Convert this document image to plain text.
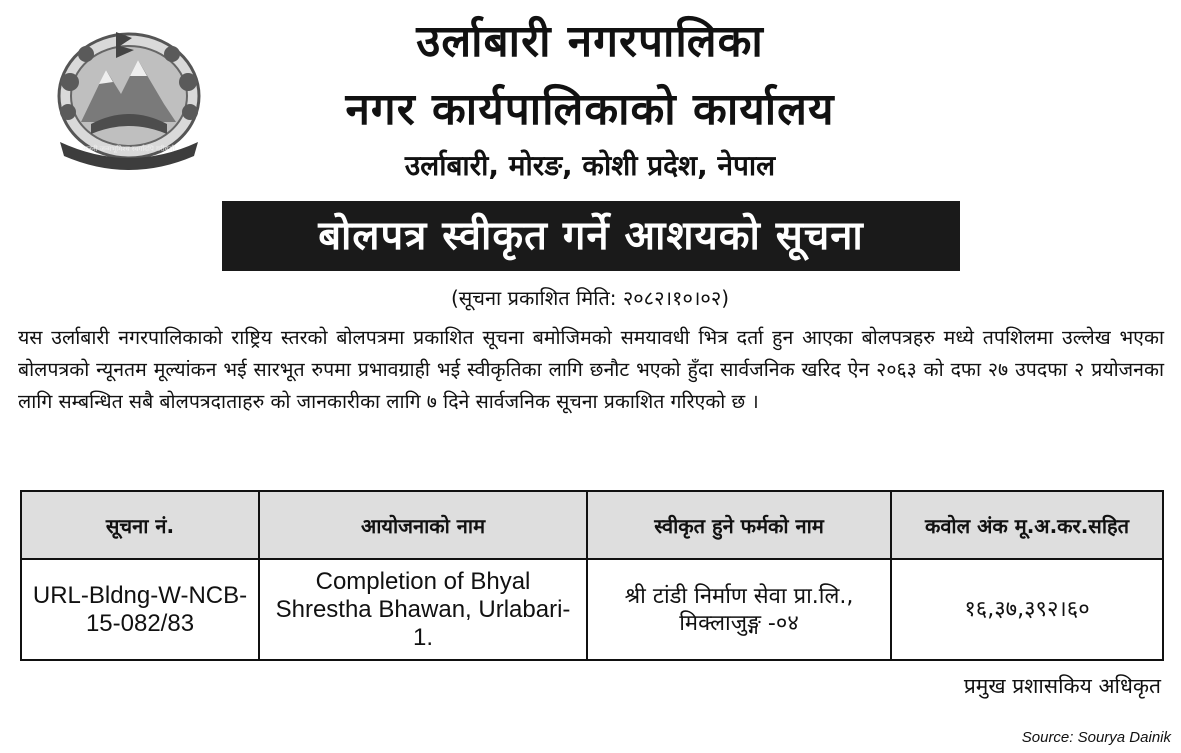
जननी जन्मभूमिश्च स्वर्गादपि गरीयसी
उर्लाबारी नगरपालिका
नगर कार्यपालिकाको कार्यालय
उर्लाबारी, मोरङ, कोशी प्रदेश, नेपाल
बोलपत्र स्वीकृत गर्ने आशयको सूचना
(सूचना प्रकाशित मिति: २०८२।१०।०२)
यस उर्लाबारी नगरपालिकाको राष्ट्रिय स्तरको बोलपत्रमा प्रकाशित सूचना बमोजिमको समयावधी भित्र दर्ता हुन आएका बोलपत्रहरु मध्ये तपशिलमा उल्लेख भएका बोलपत्रको न्यूनतम मूल्यांकन भई सारभूत रुपमा प्रभावग्राही भई स्वीकृतिका लागि छनौट भएको हुँदा सार्वजनिक खरिद ऐन २०६३ को दफा २७ उपदफा २ प्रयोजनका लागि सम्बन्धित सबै बोलपत्रदाताहरु को जानकारीका लागि ७ दिने सार्वजनिक सूचना प्रकाशित गरिएको छ ।
सूचना नं.	आयोजनाको नाम	स्वीकृत हुने फर्मको नाम	कवोल अंक मू.अ.कर.सहित
URL-Bldng-W-NCB-15-082/83	Completion of Bhyal Shrestha Bhawan, Urlabari-1.	श्री टांडी निर्माण सेवा प्रा.लि., मिक्लाजुङ्ग -०४	१६,३७,३९२।६०
प्रमुख प्रशासकिय अधिकृत
Source: Sourya Dainik
